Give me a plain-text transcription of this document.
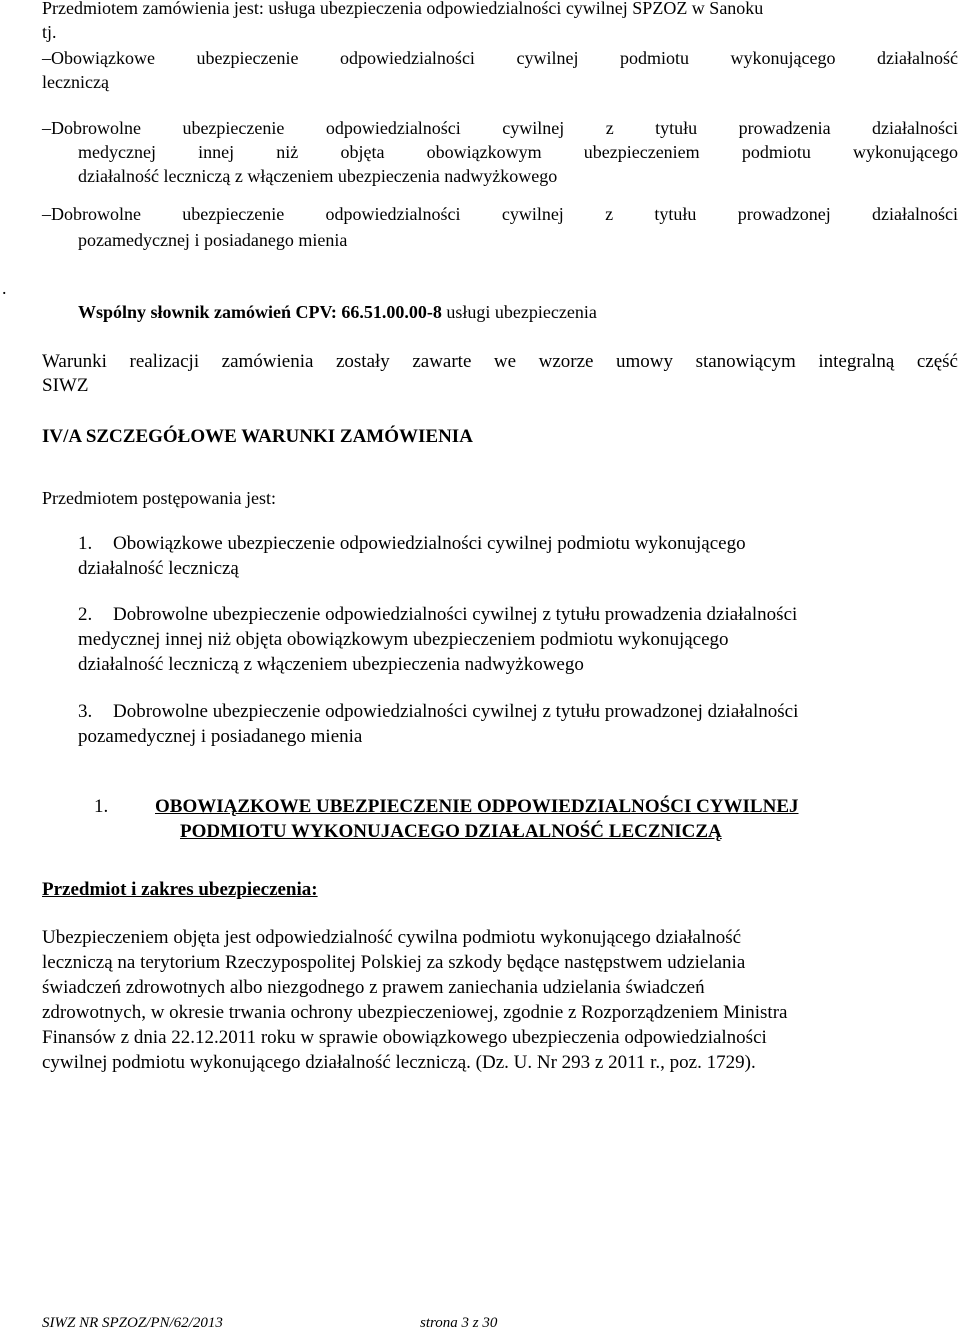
Przedmiotem zamówienia jest: usługa ubezpieczenia odpowiedzialności cywilnej SPZOZ w Sanoku
tj.
–Obowiązkowe ubezpieczenie odpowiedzialności cywilnej podmiotu wykonującego działalność
leczniczą
–Dobrowolne ubezpieczenie odpowiedzialności cywilnej z tytułu prowadzenia działalności
medycznej innej niż objęta obowiązkowym ubezpieczeniem podmiotu wykonującego
działalność leczniczą z włączeniem ubezpieczenia nadwyżkowego
–Dobrowolne ubezpieczenie odpowiedzialności cywilnej z tytułu prowadzonej działalności
pozamedycznej i posiadanego mienia
.
Wspólny słownik zamówień CPV: 66.51.00.00-8 usługi ubezpieczenia
Warunki realizacji zamówienia zostały zawarte we wzorze umowy stanowiącym integralną część
SIWZ
IV/A SZCZEGÓŁOWE WARUNKI ZAMÓWIENIA
Przedmiotem postępowania jest:
1. Obowiązkowe ubezpieczenie odpowiedzialności cywilnej podmiotu wykonującego
działalność leczniczą
2. Dobrowolne ubezpieczenie odpowiedzialności cywilnej z tytułu prowadzenia działalności
medycznej innej niż objęta obowiązkowym ubezpieczeniem podmiotu wykonującego
działalność leczniczą z włączeniem ubezpieczenia nadwyżkowego
3. Dobrowolne ubezpieczenie odpowiedzialności cywilnej z tytułu prowadzonej działalności
pozamedycznej i posiadanego mienia
1. OBOWIĄZKOWE UBEZPIECZENIE ODPOWIEDZIALNOŚCI CYWILNEJ
PODMIOTU WYKONUJACEGO DZIAŁALNOŚĆ LECZNICZĄ
Przedmiot i zakres ubezpieczenia:
Ubezpieczeniem objęta jest odpowiedzialność cywilna podmiotu wykonującego działalność
leczniczą na terytorium Rzeczypospolitej Polskiej za szkody będące następstwem udzielania
świadczeń zdrowotnych albo niezgodnego z prawem zaniechania udzielania świadczeń
zdrowotnych, w okresie trwania ochrony ubezpieczeniowej, zgodnie z Rozporządzeniem Ministra
Finansów z dnia 22.12.2011 roku w sprawie obowiązkowego ubezpieczenia odpowiedzialności
cywilnej podmiotu wykonującego działalność leczniczą. (Dz. U. Nr 293 z 2011 r., poz. 1729).
SIWZ NR SPZOZ/PN/62/2013	strona 3 z 30
